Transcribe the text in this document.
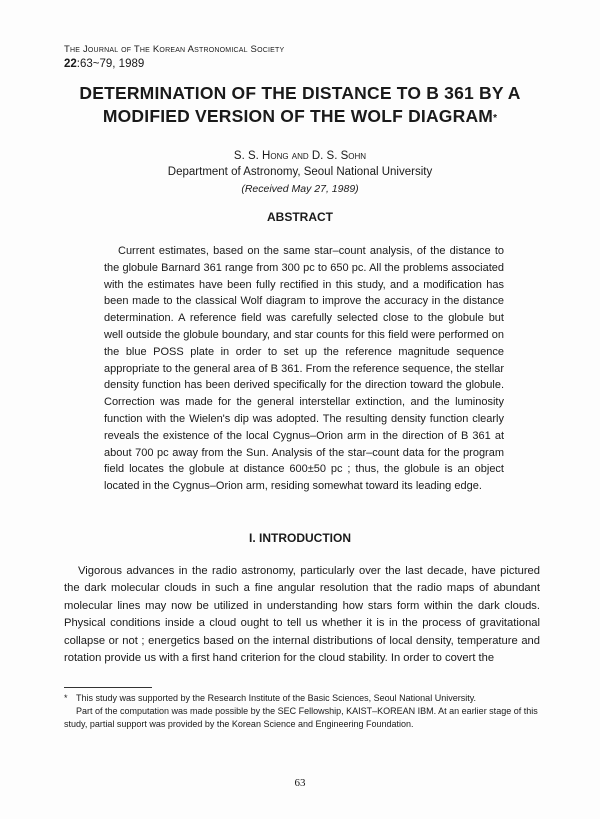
The Journal of The Korean Astronomical Society
22:63~79, 1989
DETERMINATION OF THE DISTANCE TO B 361 BY A MODIFIED VERSION OF THE WOLF DIAGRAM*
S. S. Hong and D. S. Sohn
Department of Astronomy, Seoul National University
(Received May 27, 1989)
ABSTRACT

Current estimates, based on the same star–count analysis, of the distance to the globule Barnard 361 range from 300 pc to 650 pc. All the problems associated with the estimates have been fully rectified in this study, and a modification has been made to the classical Wolf diagram to improve the accuracy in the distance determination. A reference field was carefully selected close to the globule but well outside the globule boundary, and star counts for this field were performed on the blue POSS plate in order to set up the reference magnitude sequence appropriate to the general area of B 361. From the reference sequence, the stellar density function has been derived specifically for the direction toward the globule. Correction was made for the general interstellar extinction, and the luminosity function with the Wielen's dip was adopted. The resulting density function clearly reveals the existence of the local Cygnus–Orion arm in the direction of B 361 at about 700 pc away from the Sun. Analysis of the star–count data for the program field locates the globule at distance 600±50 pc ; thus, the globule is an object located in the Cygnus–Orion arm, residing somewhat toward its leading edge.

I. INTRODUCTION

Vigorous advances in the radio astronomy, particularly over the last decade, have pictured the dark molecular clouds in such a fine angular resolution that the radio maps of abundant molecular lines may now be utilized in understanding how stars form within the dark clouds. Physical conditions inside a cloud ought to tell us whether it is in the process of gravitational collapse or not ; energetics based on the internal distributions of local density, temperature and rotation provide us with a first hand criterion for the cloud stability. In order to covert the

* This study was supported by the Research Institute of the Basic Sciences, Seoul National University.
Part of the computation was made possible by the SEC Fellowship, KAIST–KOREAN IBM. At an earlier stage of this study, partial support was provided by the Korean Science and Engineering Foundation.

63
